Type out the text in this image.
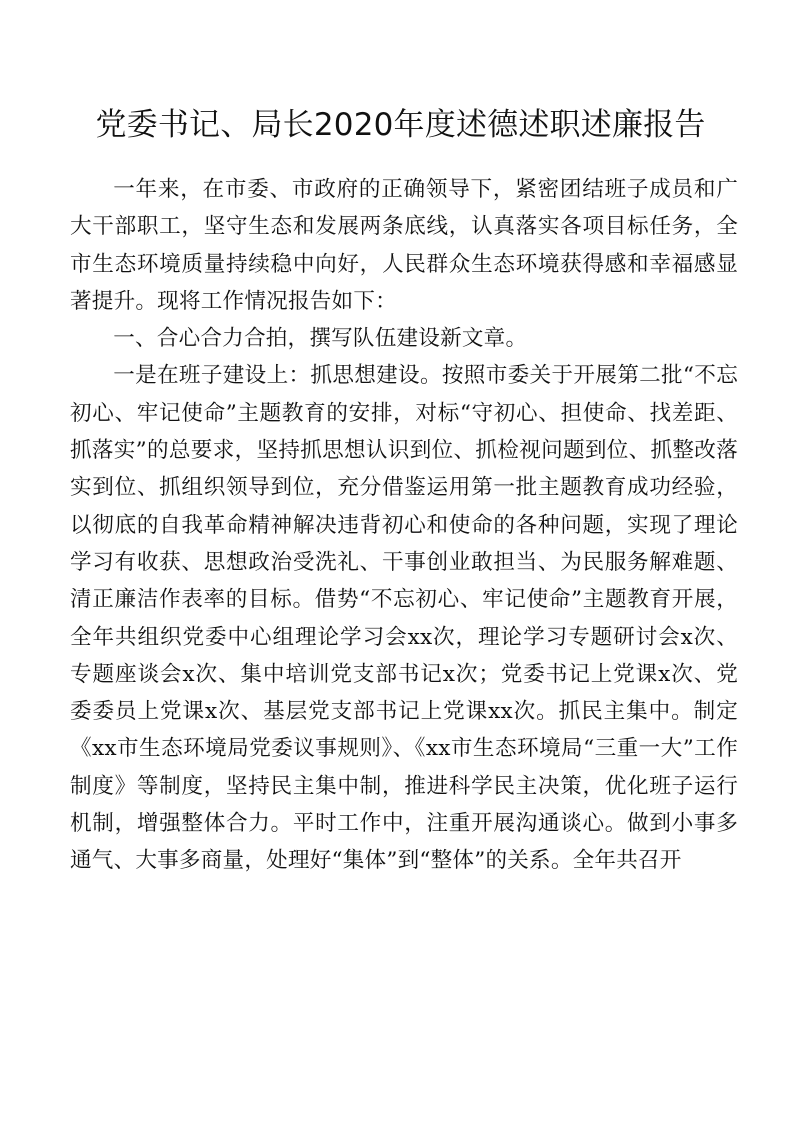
党委书记、局长2020年度述德述职述廉报告

一年来，在市委、市政府的正确领导下，紧密团结班子成员和广大干部职工，坚守生态和发展两条底线，认真落实各项目标任务，全市生态环境质量持续稳中向好，人民群众生态环境获得感和幸福感显著提升。现将工作情况报告如下：

一、合心合力合拍，撰写队伍建设新文章。

一是在班子建设上：抓思想建设。按照市委关于开展第二批“不忘初心、牢记使命”主题教育的安排，对标“守初心、担使命、找差距、抓落实”的总要求，坚持抓思想认识到位、抓检视问题到位、抓整改落实到位、抓组织领导到位，充分借鉴运用第一批主题教育成功经验，以彻底的自我革命精神解决违背初心和使命的各种问题，实现了理论学习有收获、思想政治受洗礼、干事创业敢担当、为民服务解难题、清正廉洁作表率的目标。借势“不忘初心、牢记使命”主题教育开展，全年共组织党委中心组理论学习会xx次，理论学习专题研讨会x次、专题座谈会x次、集中培训党支部书记x次；党委书记上党课x次、党委委员上党课x次、基层党支部书记上党课xx次。抓民主集中。制定《xx市生态环境局党委议事规则》、《xx市生态环境局“三重一大”工作制度》等制度，坚持民主集中制，推进科学民主决策，优化班子运行机制，增强整体合力。平时工作中，注重开展沟通谈心。做到小事多通气、大事多商量，处理好“集体”到“整体”的关系。全年共召开
